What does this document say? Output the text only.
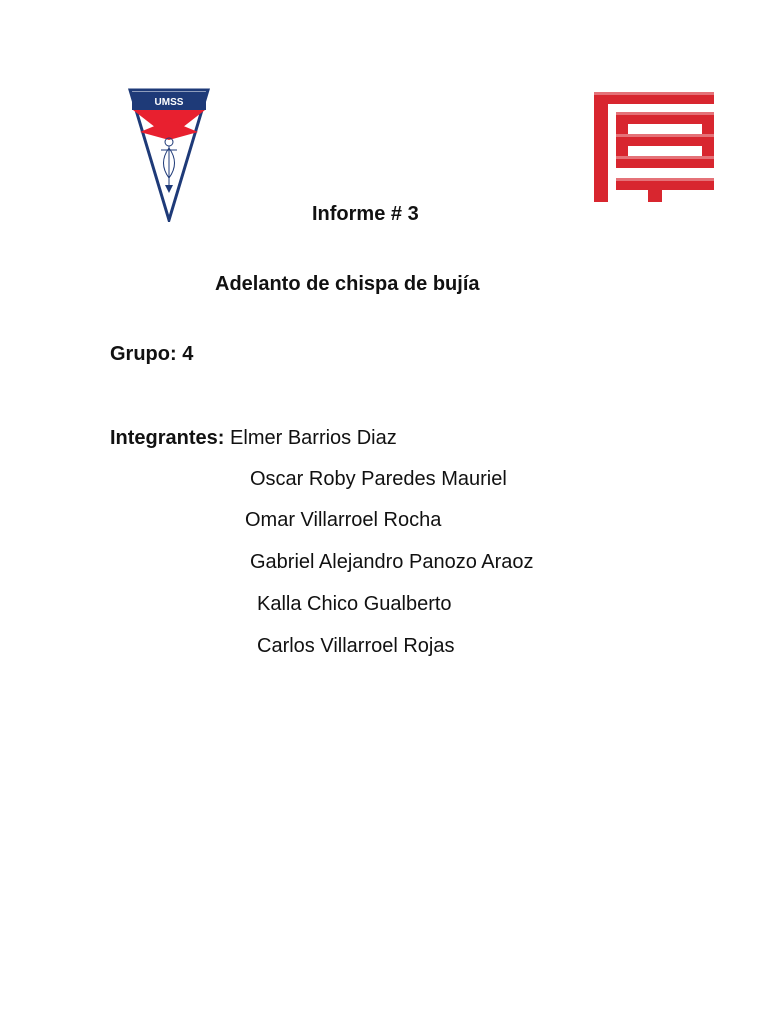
UMSS
Informe # 3
Adelanto de chispa de bujía
Grupo: 4
Integrantes: Elmer Barrios Diaz
Oscar Roby Paredes Mauriel
Omar Villarroel Rocha
Gabriel Alejandro Panozo Araoz
Kalla Chico Gualberto
Carlos Villarroel Rojas
